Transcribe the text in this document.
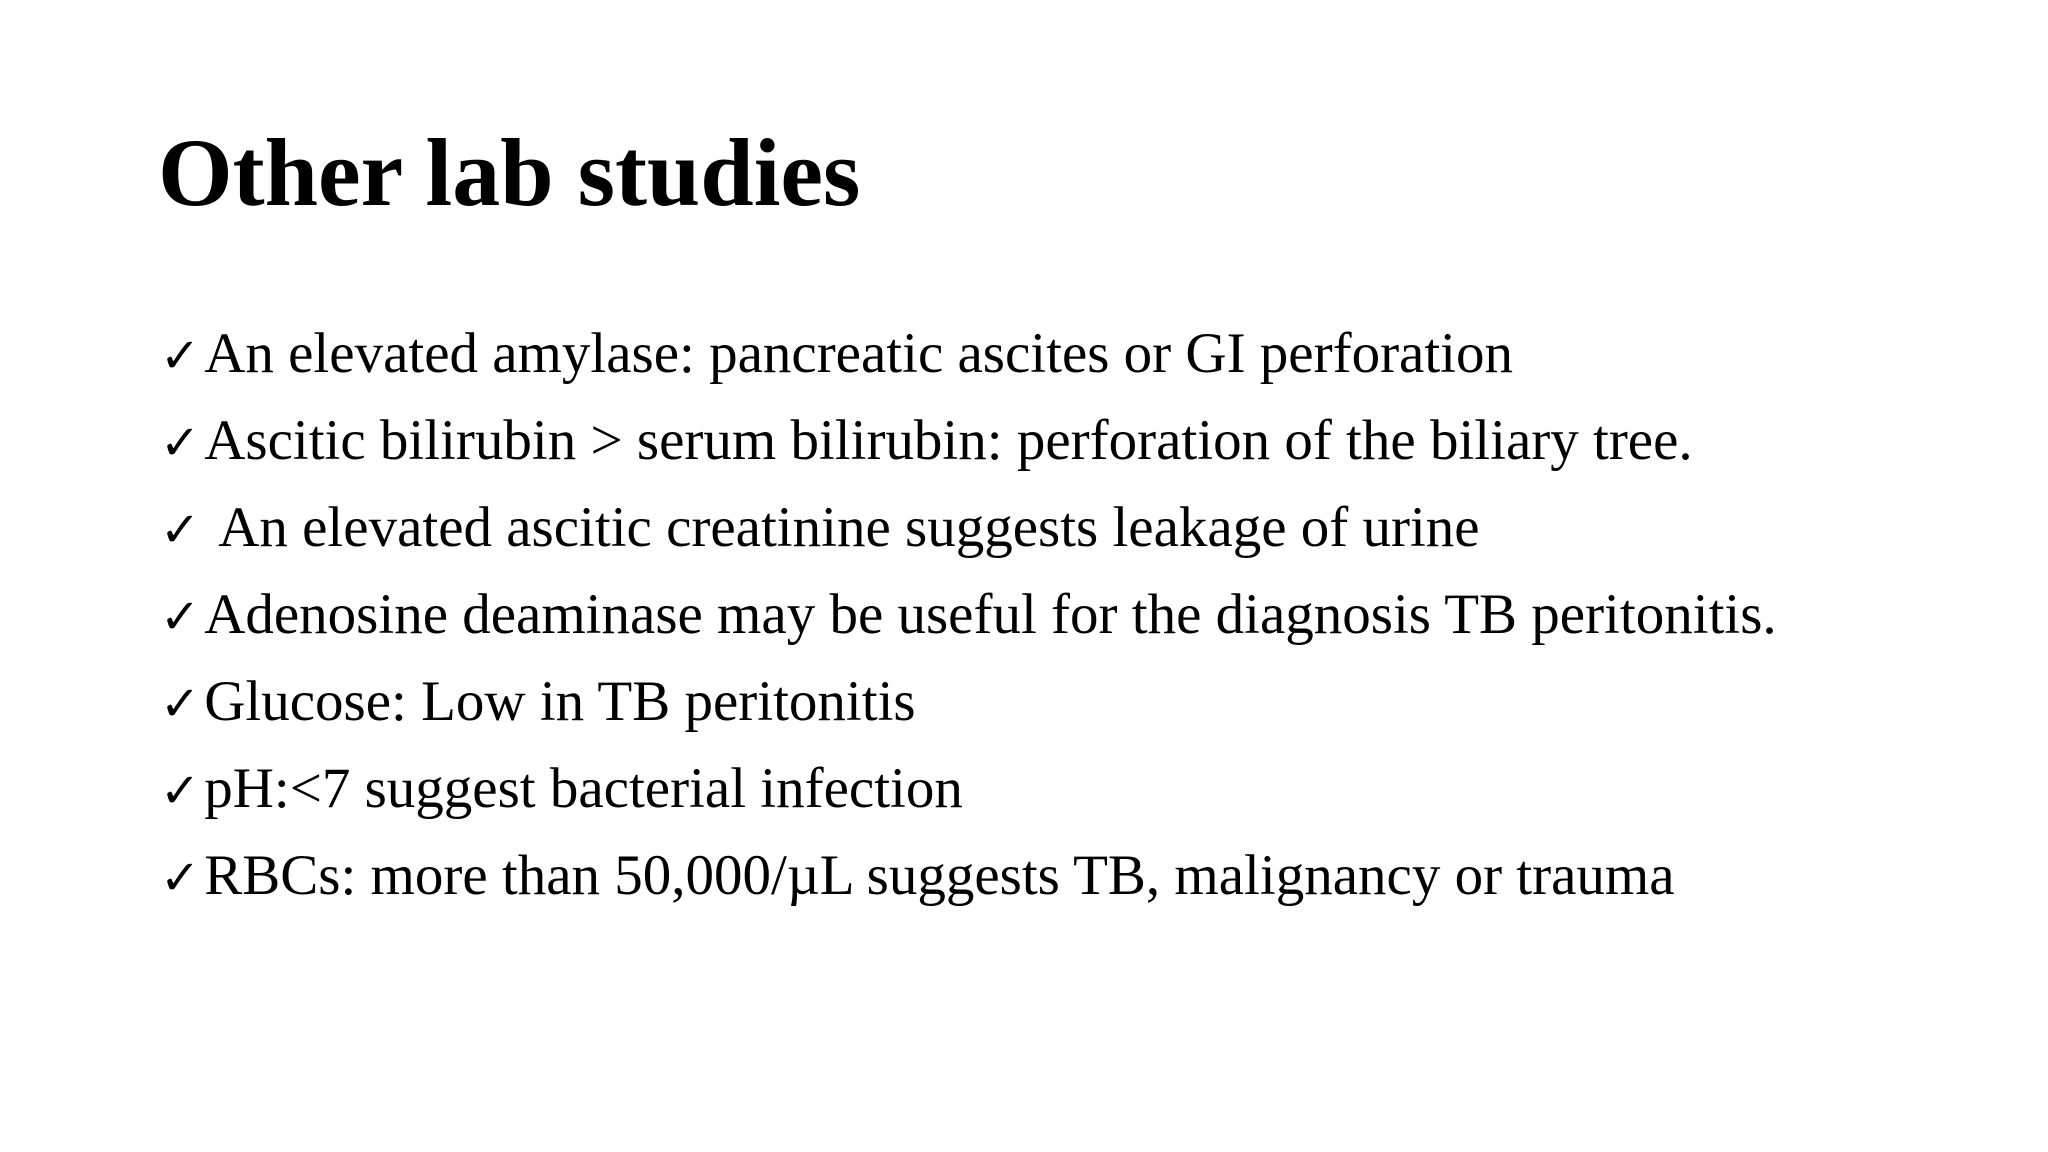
Other lab studies
✓ An elevated amylase: pancreatic ascites or GI perforation
✓ Ascitic bilirubin > serum bilirubin: perforation of the biliary tree.
✓ An elevated ascitic creatinine suggests leakage of urine
✓ Adenosine deaminase may be useful for the diagnosis TB peritonitis.
✓ Glucose: Low in TB peritonitis
✓ pH:<7 suggest bacterial infection
✓ RBCs: more than 50,000/µL suggests TB, malignancy or trauma
